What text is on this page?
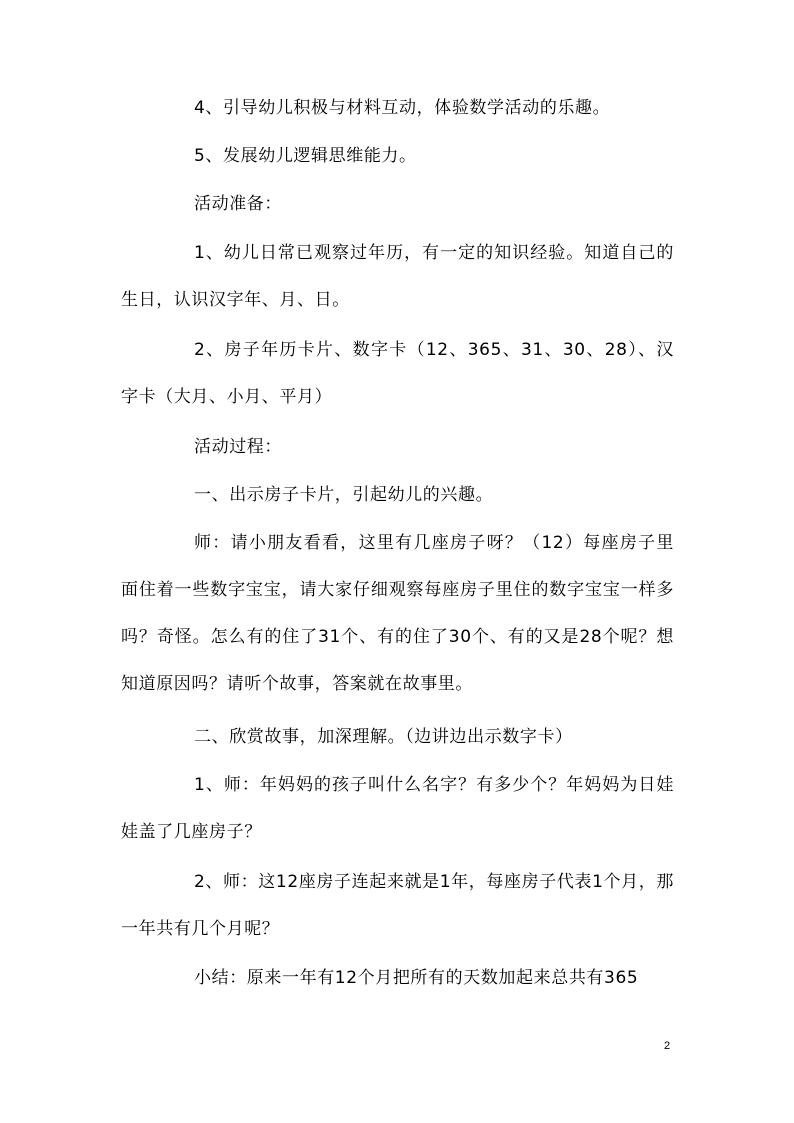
4、引导幼儿积极与材料互动，体验数学活动的乐趣。

5、发展幼儿逻辑思维能力。

活动准备：

1、幼儿日常已观察过年历，有一定的知识经验。知道自己的生日，认识汉字年、月、日。

2、房子年历卡片、数字卡（12、365、31、30、28）、汉字卡（大月、小月、平月）

活动过程：

一、出示房子卡片，引起幼儿的兴趣。

师：请小朋友看看，这里有几座房子呀？（12）每座房子里面住着一些数字宝宝，请大家仔细观察每座房子里住的数字宝宝一样多吗？奇怪。怎么有的住了31个、有的住了30个、有的又是28个呢？想知道原因吗？请听个故事，答案就在故事里。

二、欣赏故事，加深理解。（边讲边出示数字卡）

1、师：年妈妈的孩子叫什么名字？有多少个？年妈妈为日娃娃盖了几座房子？

2、师：这12座房子连起来就是1年，每座房子代表1个月，那一年共有几个月呢？

小结：原来一年有12个月把所有的天数加起来总共有365

2
